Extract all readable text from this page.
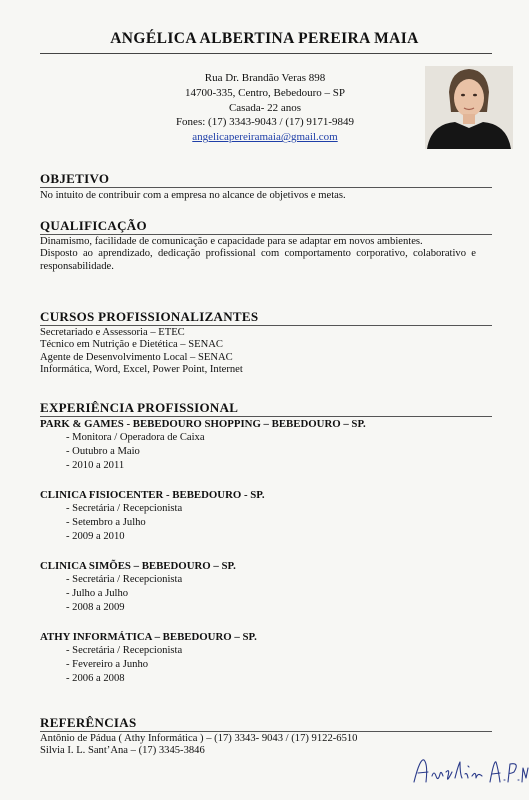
ANGÉLICA ALBERTINA PEREIRA MAIA
Rua Dr. Brandão Veras 898
14700-335, Centro, Bebedouro – SP
Casada- 22 anos
Fones: (17) 3343-9043 / (17) 9171-9849
angelicapereiramaia@gmail.com
OBJETIVO
No intuito de contribuir com a empresa no alcance de objetivos e metas.
QUALIFICAÇÃO
Dinamismo, facilidade de comunicação e capacidade para se adaptar em novos ambientes.
Disposto ao aprendizado, dedicação profissional com comportamento corporativo, colaborativo e responsabilidade.
CURSOS PROFISSIONALIZANTES
Secretariado e Assessoria – ETEC
Técnico em Nutrição e Dietética – SENAC
Agente de Desenvolvimento Local – SENAC
Informática, Word, Excel, Power Point, Internet
EXPERIÊNCIA PROFISSIONAL
PARK & GAMES - BEBEDOURO SHOPPING – BEBEDOURO – SP.
- Monitora / Operadora de Caixa
- Outubro a Maio
- 2010 a 2011
CLINICA FISIOCENTER - BEBEDOURO - SP.
- Secretária / Recepcionista
- Setembro a Julho
- 2009 a 2010
CLINICA SIMÕES – BEBEDOURO – SP.
- Secretária / Recepcionista
- Julho a Julho
- 2008 a 2009
ATHY INFORMÁTICA – BEBEDOURO – SP.
- Secretária / Recepcionista
- Fevereiro a Junho
- 2006 a 2008
REFERÊNCIAS
Antônio de Pádua ( Athy Informática ) – (17) 3343- 9043 / (17) 9122-6510
Silvia I. L. Sant’Ana – (17) 3345-3846
